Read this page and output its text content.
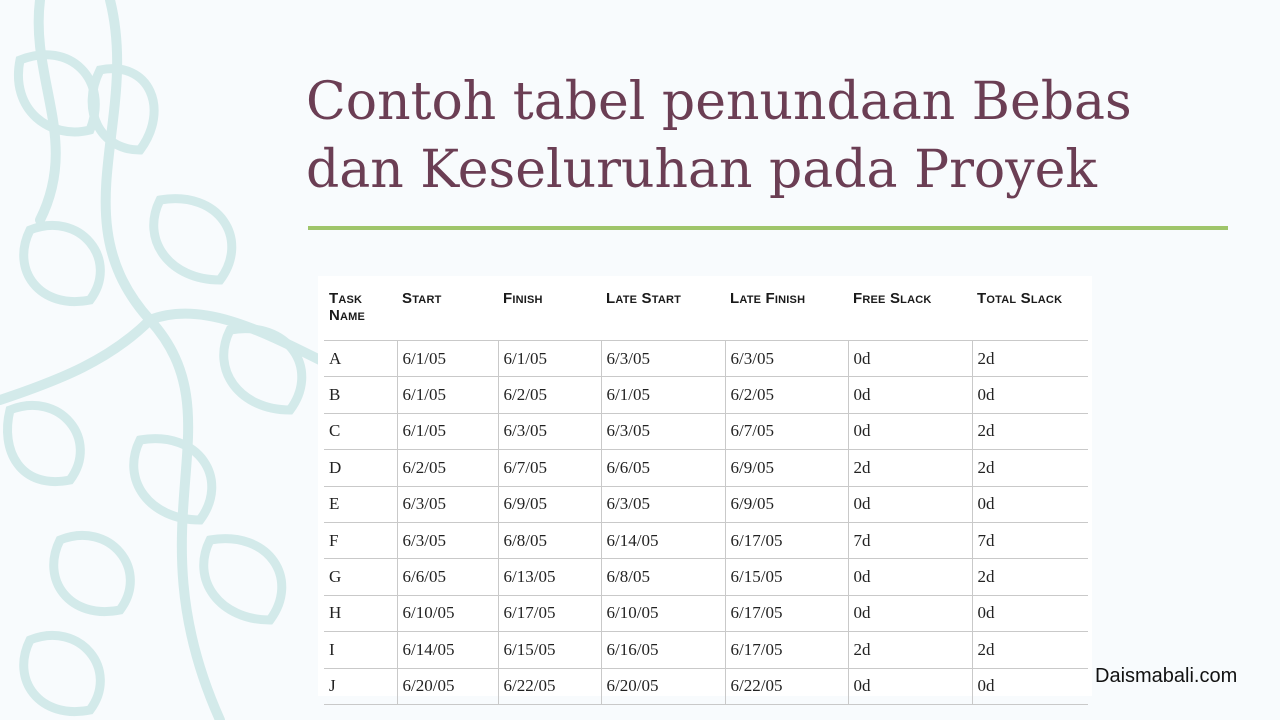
Contoh tabel penundaan Bebas
dan Keseluruhan pada Proyek
Task
Name	Start	Finish	Late Start	Late Finish	Free Slack	Total Slack
A	6/1/05	6/1/05	6/3/05	6/3/05	0d	2d
B	6/1/05	6/2/05	6/1/05	6/2/05	0d	0d
C	6/1/05	6/3/05	6/3/05	6/7/05	0d	2d
D	6/2/05	6/7/05	6/6/05	6/9/05	2d	2d
E	6/3/05	6/9/05	6/3/05	6/9/05	0d	0d
F	6/3/05	6/8/05	6/14/05	6/17/05	7d	7d
G	6/6/05	6/13/05	6/8/05	6/15/05	0d	2d
H	6/10/05	6/17/05	6/10/05	6/17/05	0d	0d
I	6/14/05	6/15/05	6/16/05	6/17/05	2d	2d
J	6/20/05	6/22/05	6/20/05	6/22/05	0d	0d	Daismabali.com
